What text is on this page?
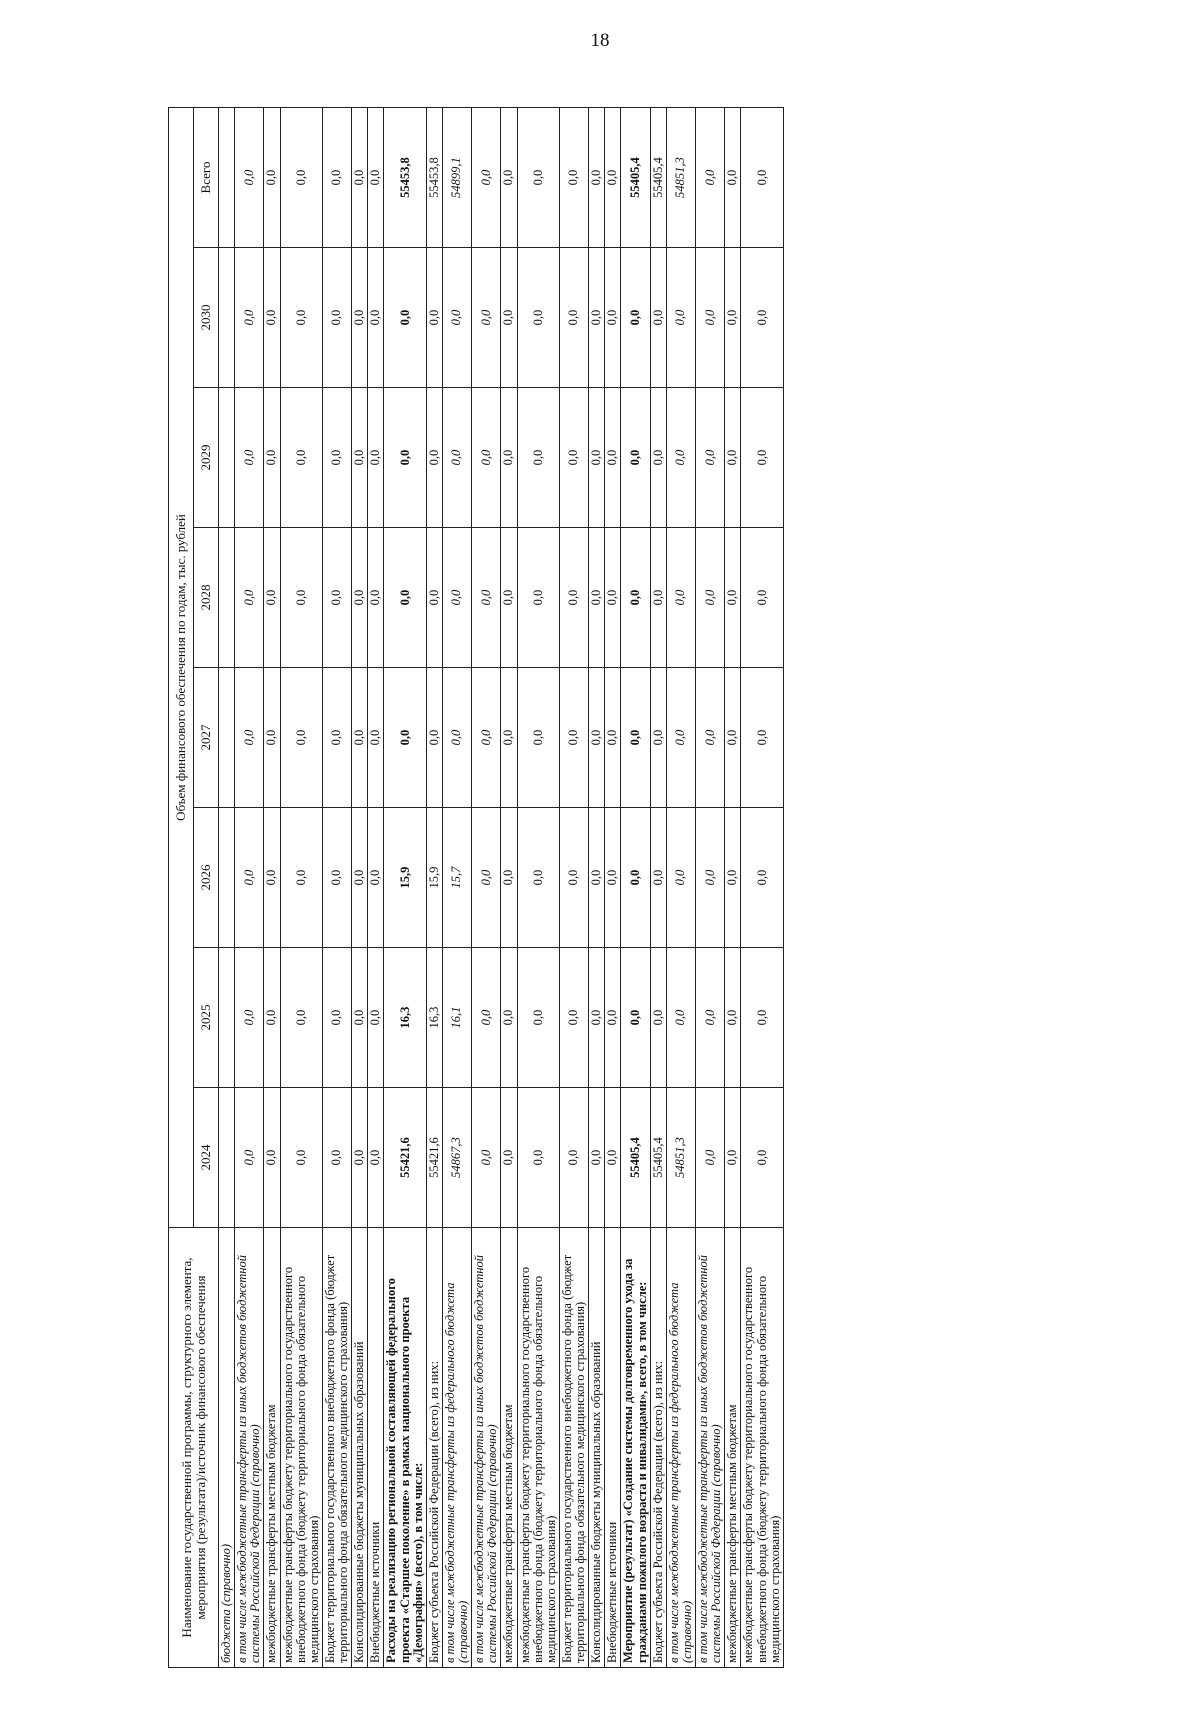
18
Наименование государственной программы, структурного элемента, мероприятия (результата)/источник финансового обеспечения	Объем финансового обеспечения по годам, тыс. рублей							
	2024	2025	2026	2027	2028	2029	2030	Всего
бюджета (справочно)								
в том числе межбюджетные трансферты из иных бюджетов бюджетной системы Российской Федерации (справочно)	0,0	0,0	0,0	0,0	0,0	0,0	0,0	0,0
межбюджетные трансферты местным бюджетам	0,0	0,0	0,0	0,0	0,0	0,0	0,0	0,0
межбюджетные трансферты бюджету территориального государственного внебюджетного фонда (бюджету территориального фонда обязательного медицинского страхования)	0,0	0,0	0,0	0,0	0,0	0,0	0,0	0,0
Бюджет территориального государственного внебюджетного фонда (бюджет территориального фонда обязательного медицинского страхования)	0,0	0,0	0,0	0,0	0,0	0,0	0,0	0,0
Консолидированные бюджеты муниципальных образований	0,0	0,0	0,0	0,0	0,0	0,0	0,0	0,0
Внебюджетные источники	0,0	0,0	0,0	0,0	0,0	0,0	0,0	0,0
Расходы на реализацию региональной составляющей федерального проекта «Старшее поколение» в рамках национального проекта «Демография» (всего), в том числе:	55421,6	16,3	15,9	0,0	0,0	0,0	0,0	55453,8
Бюджет субъекта Российской Федерации (всего), из них:	55421,6	16,3	15,9	0,0	0,0	0,0	0,0	55453,8
в том числе межбюджетные трансферты из федерального бюджета (справочно)	54867,3	16,1	15,7	0,0	0,0	0,0	0,0	54899,1
в том числе межбюджетные трансферты из иных бюджетов бюджетной системы Российской Федерации (справочно)	0,0	0,0	0,0	0,0	0,0	0,0	0,0	0,0
межбюджетные трансферты местным бюджетам	0,0	0,0	0,0	0,0	0,0	0,0	0,0	0,0
межбюджетные трансферты бюджету территориального государственного внебюджетного фонда (бюджету территориального фонда обязательного медицинского страхования)	0,0	0,0	0,0	0,0	0,0	0,0	0,0	0,0
Бюджет территориального государственного внебюджетного фонда (бюджет территориального фонда обязательного медицинского страхования)	0,0	0,0	0,0	0,0	0,0	0,0	0,0	0,0
Консолидированные бюджеты муниципальных образований	0,0	0,0	0,0	0,0	0,0	0,0	0,0	0,0
Внебюджетные источники	0,0	0,0	0,0	0,0	0,0	0,0	0,0	0,0
Мероприятие (результат) «Создание системы долговременного ухода за гражданами пожилого возраста и инвалидами», всего, в том числе:	55405,4	0,0	0,0	0,0	0,0	0,0	0,0	55405,4
Бюджет субъекта Российской Федерации (всего), из них:	55405,4	0,0	0,0	0,0	0,0	0,0	0,0	55405,4
в том числе межбюджетные трансферты из федерального бюджета (справочно)	54851,3	0,0	0,0	0,0	0,0	0,0	0,0	54851,3
в том числе межбюджетные трансферты из иных бюджетов бюджетной системы Российской Федерации (справочно)	0,0	0,0	0,0	0,0	0,0	0,0	0,0	0,0
межбюджетные трансферты местным бюджетам	0,0	0,0	0,0	0,0	0,0	0,0	0,0	0,0
межбюджетные трансферты бюджету территориального государственного внебюджетного фонда (бюджету территориального фонда обязательного медицинского страхования)	0,0	0,0	0,0	0,0	0,0	0,0	0,0	0,0
